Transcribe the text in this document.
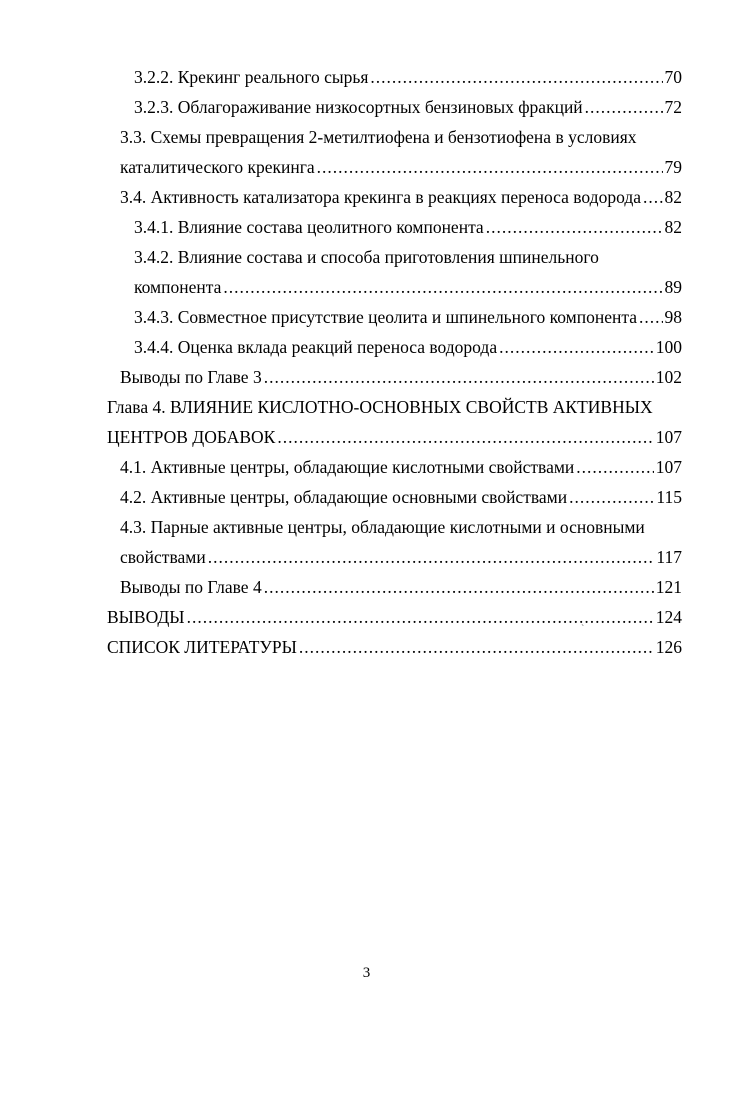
3.2.2. Крекинг реального сырья .....	70
3.2.3. Облагораживание низкосортных бензиновых фракций .....	72
3.3. Схемы превращения 2-метилтиофена и бензотиофена в условиях
каталитического крекинга .....	79
3.4. Активность катализатора крекинга в реакциях переноса водорода ..... 82
3.4.1. Влияние состава цеолитного компонента .....	82
3.4.2. Влияние состава и способа приготовления шпинельного
компонента .....	89
3.4.3. Совместное присутствие цеолита и шпинельного компонента ..... 98
3.4.4. Оценка вклада реакций переноса водорода .....	100
Выводы по Главе 3 .....	102
Глава 4. ВЛИЯНИЕ КИСЛОТНО-ОСНОВНЫХ СВОЙСТВ АКТИВНЫХ
ЦЕНТРОВ ДОБАВОК .....	107
4.1. Активные центры, обладающие кислотными свойствами .....	107
4.2. Активные центры, обладающие основными свойствами .....	115
4.3. Парные активные центры, обладающие кислотными и основными
свойствами .....	117
Выводы по Главе 4 .....	121
ВЫВОДЫ .....	124
СПИСОК ЛИТЕРАТУРЫ .....	126
`
3
